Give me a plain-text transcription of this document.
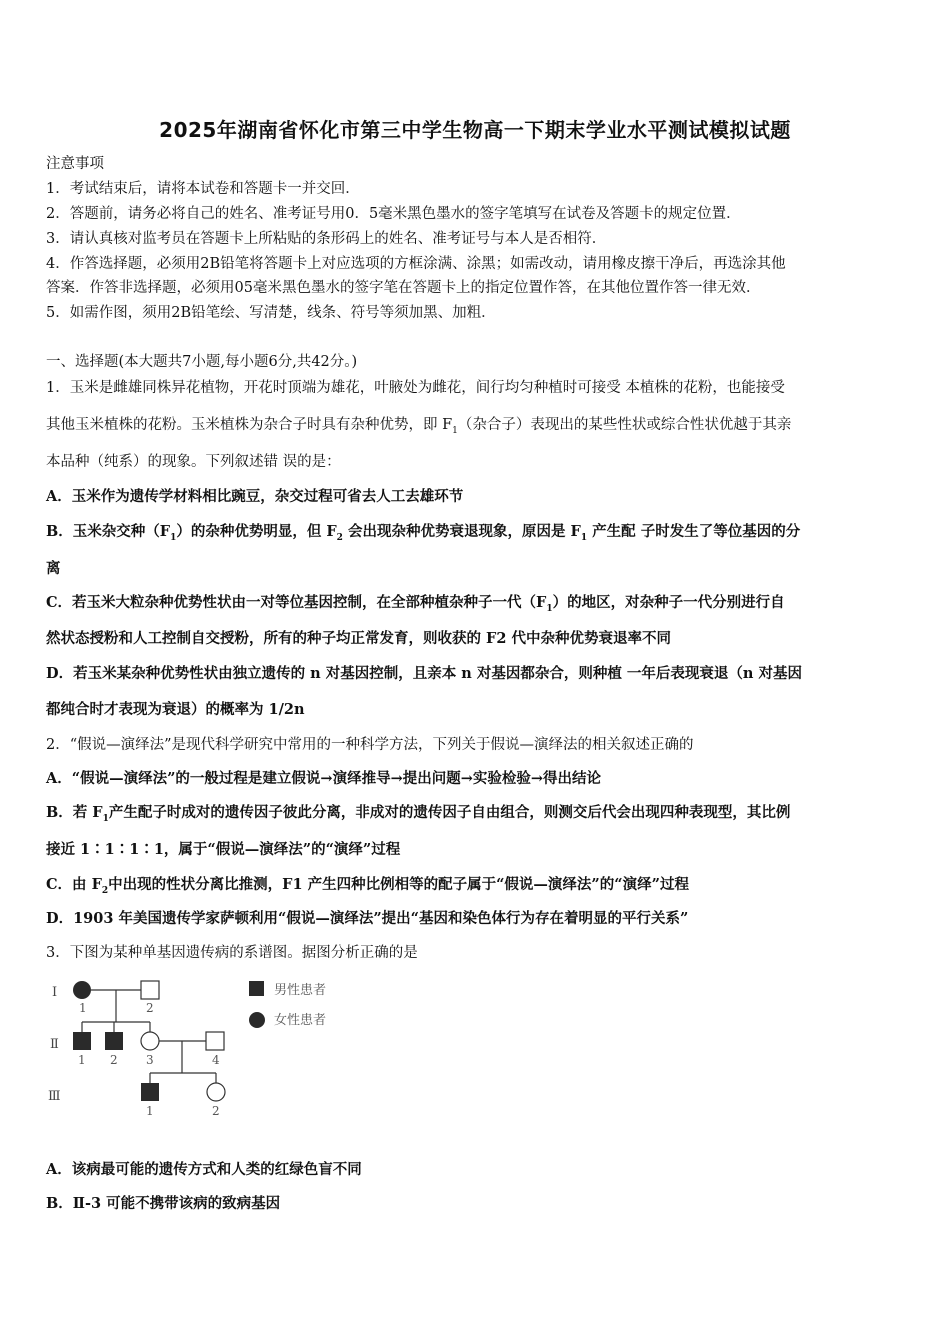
2025年湖南省怀化市第三中学生物高一下期末学业水平测试模拟试题
注意事项
1．考试结束后，请将本试卷和答题卡一并交回．
2．答题前，请务必将自己的姓名、准考证号用0．5毫米黑色墨水的签字笔填写在试卷及答题卡的规定位置．
3．请认真核对监考员在答题卡上所粘贴的条形码上的姓名、准考证号与本人是否相符．
4．作答选择题，必须用2B铅笔将答题卡上对应选项的方框涂满、涂黑；如需改动，请用橡皮擦干净后，再选涂其他
答案．作答非选择题，必须用05毫米黑色墨水的签字笔在答题卡上的指定位置作答，在其他位置作答一律无效．
5．如需作图，须用2B铅笔绘、写清楚，线条、符号等须加黑、加粗．
一、选择题(本大题共7小题,每小题6分,共42分。)
1．玉米是雌雄同株异花植物，开花时顶端为雄花，叶腋处为雌花，间行均匀种植时可接受 本植株的花粉，也能接受
其他玉米植株的花粉。玉米植株为杂合子时具有杂种优势，即 $F_1$（杂合子）表现出的某些性状或综合性状优越于其亲
本品种（纯系）的现象。下列叙述错 误的是：
A．玉米作为遗传学材料相比豌豆，杂交过程可省去人工去雄环节
B．玉米杂交种$(F_1)$的杂种优势明显，但 $F_2$ 会出现杂种优势衰退现象，原因是 $F_1$ 产生配 子时发生了等位基因的分
离
C．若玉米大粒杂种优势性状由一对等位基因控制，在全部种植杂种子一代$(F_1)$的地区，对杂种子一代分别进行自
然状态授粉和人工控制自交授粉，所有的种子均正常发育，则收获的 F2 代中杂种优势衰退率不同
D．若玉米某杂种优势性状由独立遗传的 n 对基因控制，且亲本 n 对基因都杂合，则种植 一年后表现衰退（n 对基因
都纯合时才表现为衰退）的概率为 1/2n
2．“假说—演绎法”是现代科学研究中常用的一种科学方法，下列关于假说—演绎法的相关叙述正确的
A．“假说—演绎法”的一般过程是建立假说→演绎推导→提出问题→实验检验→得出结论
B．若 $F_1$产生配子时成对的遗传因子彼此分离，非成对的遗传因子自由组合，则测交后代会出现四种表现型，其比例
接近 1∶1∶1∶1，属于“假说—演绎法”的“演绎”过程
C．由 $F_2$中出现的性状分离比推测，F1 产生四种比例相等的配子属于“假说—演绎法”的“演绎”过程
D．1903 年美国遗传学家萨顿利用“假说—演绎法”提出“基因和染色体行为存在着明显的平行关系”
3．下图为某种单基因遗传病的系谱图。据图分析正确的是
Ⅰ
Ⅱ
Ⅲ
1	2
1 2 3	4
1	2
男性患者
女性患者
A．该病最可能的遗传方式和人类的红绿色盲不同
B．Ⅱ-3 可能不携带该病的致病基因
